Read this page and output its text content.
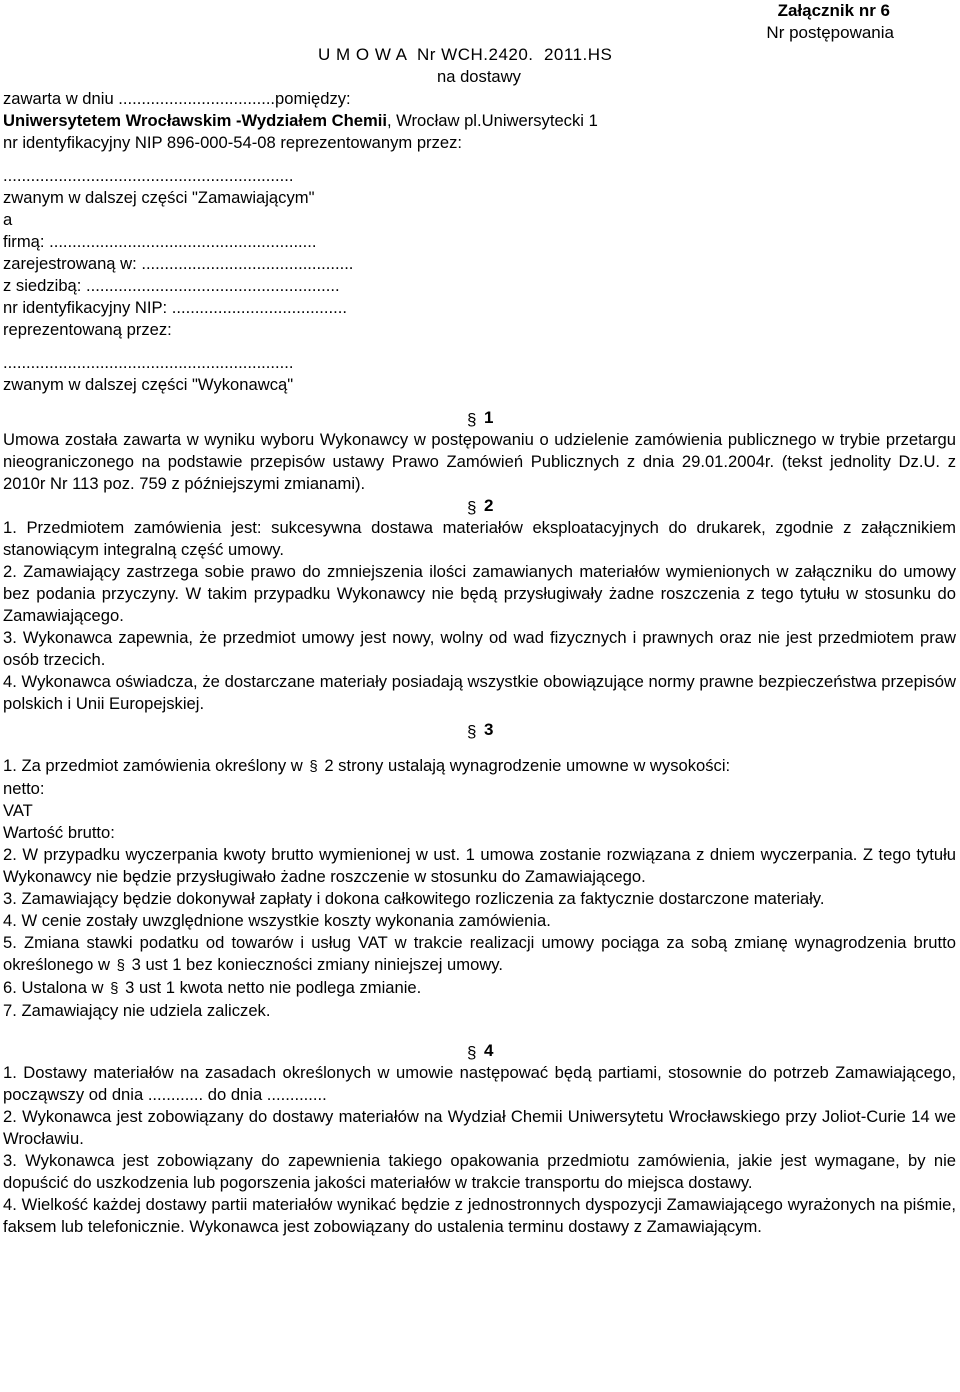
Załącznik nr 6
Nr postępowania
U M O W A  Nr WCH.2420.  2011.HS

na dostawy

zawarta w dniu ..................................pomiędzy:

Uniwersytetem Wrocławskim -Wydziałem Chemii, Wrocław pl.Uniwersytecki 1

nr identyfikacyjny NIP 896-000-54-08 reprezentowanym przez:

...............................................................

zwanym w dalszej części "Zamawiającym"

a

firmą: ..........................................................

zarejestrowaną w: ..............................................

z siedzibą: .......................................................

nr identyfikacyjny NIP: ......................................

reprezentowaną przez:

...............................................................

zwanym w dalszej części "Wykonawcą"

§ 1

Umowa została zawarta w wyniku wyboru Wykonawcy w postępowaniu o udzielenie zamówienia publicznego w trybie przetargu nieograniczonego na podstawie przepisów ustawy Prawo Zamówień Publicznych z dnia 29.01.2004r. (tekst jednolity Dz.U. z 2010r Nr 113 poz. 759 z późniejszymi zmianami).

§ 2

1. Przedmiotem zamówienia jest: sukcesywna dostawa materiałów eksploatacyjnych do drukarek, zgodnie z załącznikiem stanowiącym integralną część umowy.

2. Zamawiający zastrzega sobie prawo do zmniejszenia ilości zamawianych materiałów wymienionych w załączniku do umowy bez podania przyczyny. W takim przypadku Wykonawcy nie będą przysługiwały żadne roszczenia z tego tytułu w stosunku do Zamawiającego.

3. Wykonawca zapewnia, że przedmiot umowy jest nowy, wolny od wad fizycznych i prawnych oraz nie jest przedmiotem praw osób trzecich.

4. Wykonawca oświadcza, że dostarczane materiały posiadają wszystkie obowiązujące normy prawne bezpieczeństwa przepisów polskich i Unii Europejskiej.

§ 3

1. Za przedmiot zamówienia określony w § 2 strony ustalają wynagrodzenie umowne w wysokości:

netto:

VAT

Wartość brutto:

2. W przypadku wyczerpania kwoty brutto wymienionej w ust. 1 umowa zostanie rozwiązana z dniem wyczerpania. Z tego tytułu Wykonawcy nie będzie przysługiwało żadne roszczenie w stosunku do Zamawiającego.

3. Zamawiający będzie dokonywał zapłaty i dokona całkowitego rozliczenia za faktycznie dostarczone materiały.

4. W cenie zostały uwzględnione wszystkie koszty wykonania zamówienia.

5. Zmiana stawki podatku od towarów i usług VAT w trakcie realizacji umowy pociąga za sobą zmianę wynagrodzenia brutto określonego w § 3 ust 1 bez konieczności zmiany niniejszej umowy.

6. Ustalona w § 3 ust 1 kwota netto nie podlega zmianie.

7. Zamawiający nie udziela zaliczek.

§ 4

1. Dostawy materiałów na zasadach określonych w umowie następować będą partiami, stosownie do potrzeb Zamawiającego, począwszy od dnia ............ do dnia .............

2. Wykonawca jest zobowiązany do dostawy materiałów na Wydział Chemii Uniwersytetu Wrocławskiego przy Joliot-Curie 14 we Wrocławiu.

3. Wykonawca jest zobowiązany do zapewnienia takiego opakowania przedmiotu zamówienia, jakie jest wymagane, by nie dopuścić do uszkodzenia lub pogorszenia jakości materiałów w trakcie transportu do miejsca dostawy.

4. Wielkość każdej dostawy partii materiałów wynikać będzie z jednostronnych dyspozycji Zamawiającego wyrażonych na piśmie, faksem lub telefonicznie. Wykonawca jest zobowiązany do ustalenia terminu dostawy z Zamawiającym.
